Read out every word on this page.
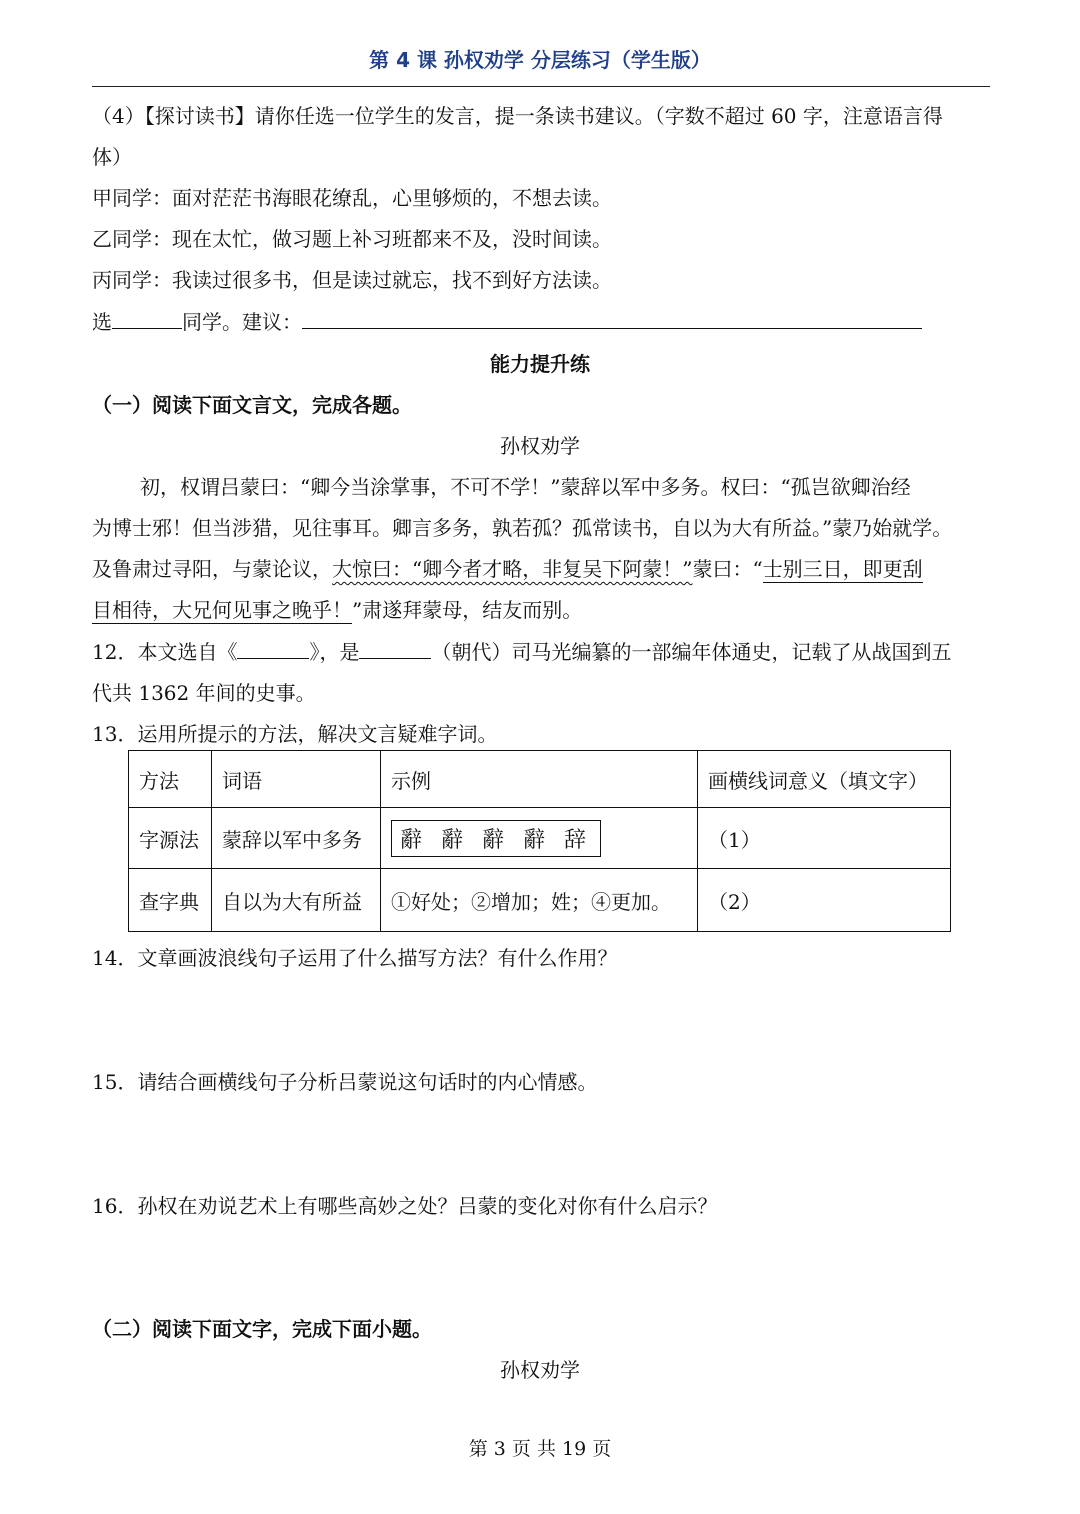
第 4 课 孙权劝学 分层练习（学生版）
（4）【探讨读书】请你任选一位学生的发言，提一条读书建议。（字数不超过 60 字，注意语言得
体）
甲同学：面对茫茫书海眼花缭乱，心里够烦的，不想去读。
乙同学：现在太忙，做习题上补习班都来不及，没时间读。
丙同学：我读过很多书，但是读过就忘，找不到好方法读。
选	同学。建议：
能力提升练
（一）阅读下面文言文，完成各题。
孙权劝学
初，权谓吕蒙曰：“卿今当涂掌事，不可不学！”蒙辞以军中多务。权曰：“孤岂欲卿治经
为博士邪！但当涉猎，见往事耳。卿言多务，孰若孤？孤常读书，自以为大有所益。”蒙乃始就学。
及鲁肃过寻阳，与蒙论议，大惊曰：“卿今者才略，非复吴下阿蒙！”蒙曰：“士别三日，即更刮
目相待，大兄何见事之晚乎！”肃遂拜蒙母，结友而别。
12．本文选自《	》，是	（朝代）司马光编纂的一部编年体通史，记载了从战国到五
代共 1362 年间的史事。
13．运用所提示的方法，解决文言疑难字词。
方法	词语	示例	画横线词意义（填文字）
字源法	蒙辞以军中多务	辭 辭 辭 辭 辞	（1）
查字典	自以为大有所益	①好处；②增加；姓；④更加。	（2）
14．文章画波浪线句子运用了什么描写方法？有什么作用？
15．请结合画横线句子分析吕蒙说这句话时的内心情感。
16．孙权在劝说艺术上有哪些高妙之处？吕蒙的变化对你有什么启示？
（二）阅读下面文字，完成下面小题。
孙权劝学
第 3 页 共 19 页
